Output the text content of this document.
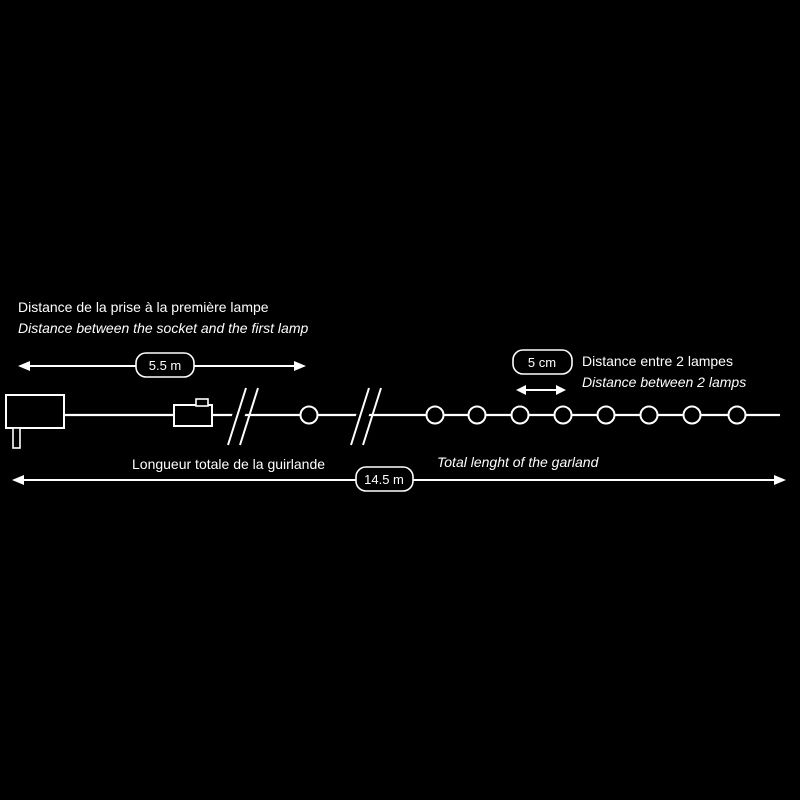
Distance de la prise à la première lampe
Distance between the socket and the first lamp
5.5 m	5 cm Distance entre 2 lampes
Distance between 2 lamps
Longueur totale de la guirlande	Total lenght of the garland
14.5 m
